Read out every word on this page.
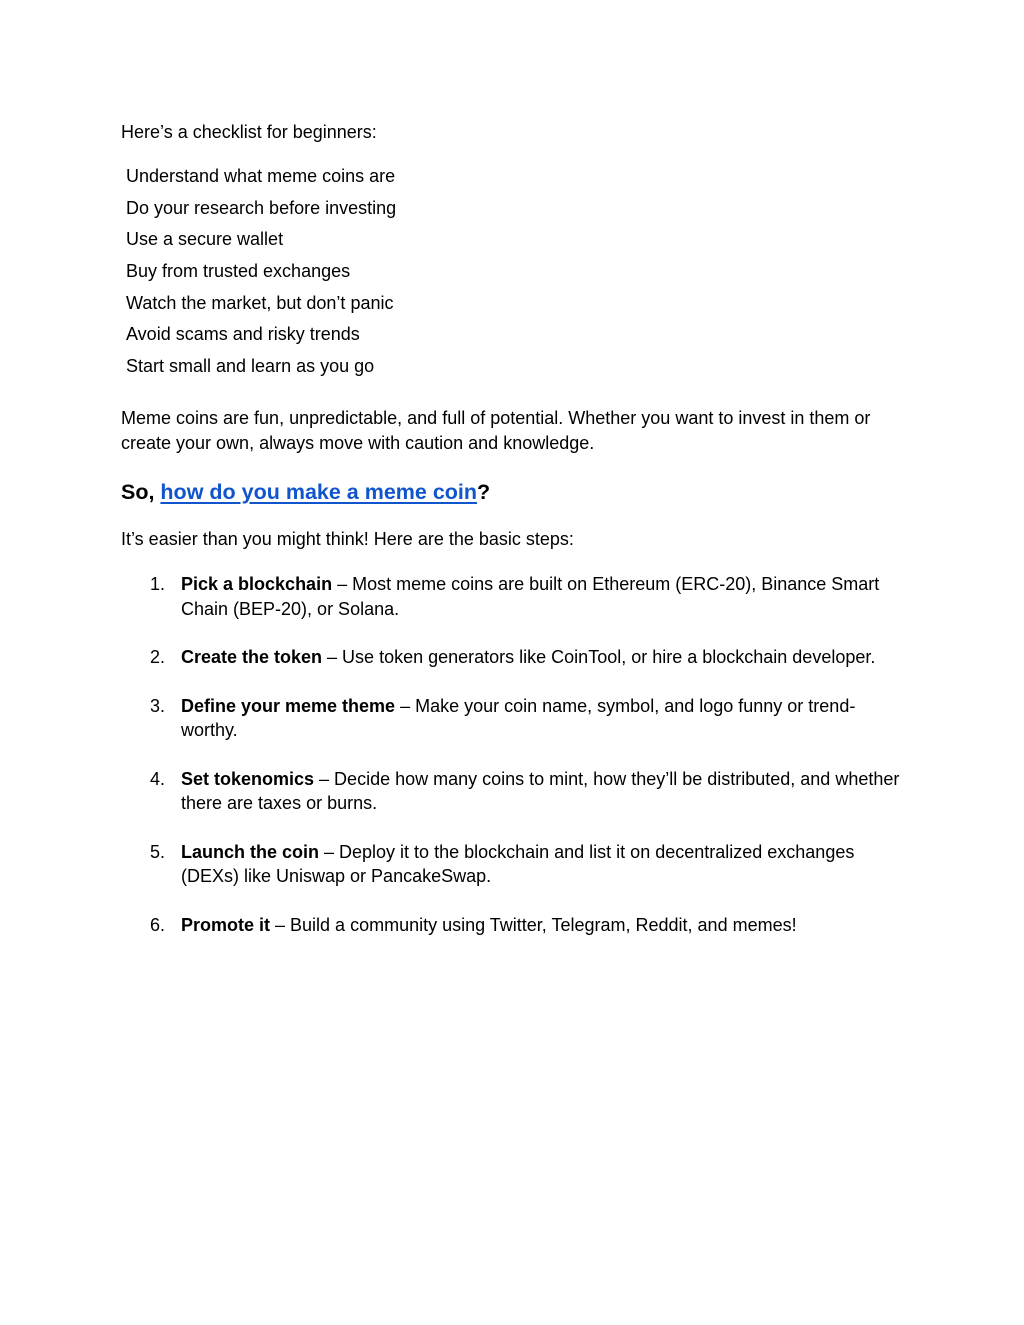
Here’s a checklist for beginners:

Understand what meme coins are
Do your research before investing
Use a secure wallet
Buy from trusted exchanges
Watch the market, but don’t panic
Avoid scams and risky trends
Start small and learn as you go

Meme coins are fun, unpredictable, and full of potential. Whether you want to invest in them or create your own, always move with caution and knowledge.

So, how do you make a meme coin?

It’s easier than you might think! Here are the basic steps:

1. Pick a blockchain – Most meme coins are built on Ethereum (ERC-20), Binance Smart Chain (BEP-20), or Solana.
2. Create the token – Use token generators like CoinTool, or hire a blockchain developer.
3. Define your meme theme – Make your coin name, symbol, and logo funny or trend-worthy.
4. Set tokenomics – Decide how many coins to mint, how they’ll be distributed, and whether there are taxes or burns.
5. Launch the coin – Deploy it to the blockchain and list it on decentralized exchanges (DEXs) like Uniswap or PancakeSwap.
6. Promote it – Build a community using Twitter, Telegram, Reddit, and memes!
